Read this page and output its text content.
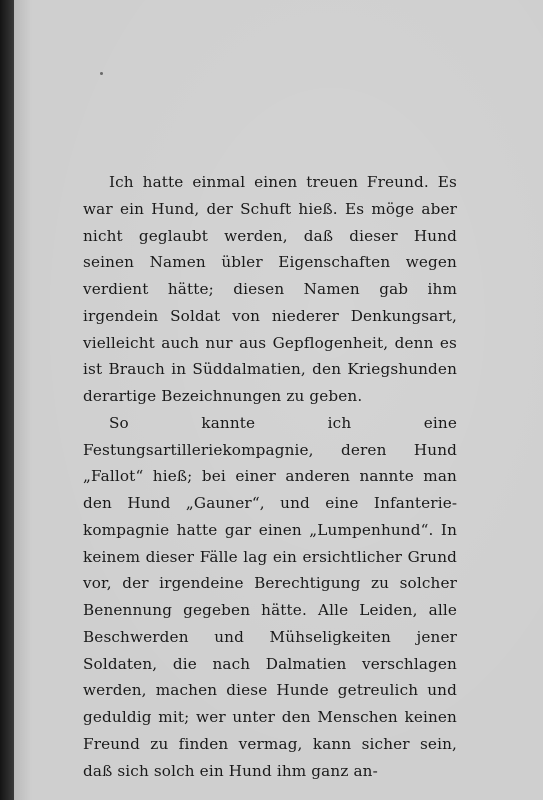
Ich hatte einmal einen treuen Freund. Es war ein Hund, der Schuft hieß. Es möge aber nicht geglaubt werden, daß dieser Hund seinen Namen übler Eigenschaften wegen verdient hätte; diesen Namen gab ihm irgendein Soldat von niederer Denkungsart, vielleicht auch nur aus Gepflogenheit, denn es ist Brauch in Süddalmatien, den Kriegshunden derartige Bezeichnungen zu geben.

So kannte ich eine Festungsartilleriekompagnie, deren Hund „Fallot“ hieß; bei einer anderen nannte man den Hund „Gauner“, und eine Infanteriekompagnie hatte gar einen „Lumpenhund“. In keinem dieser Fälle lag ein ersichtlicher Grund vor, der irgendeine Berechtigung zu solcher Benennung gegeben hätte. Alle Leiden, alle Beschwerden und Mühseligkeiten jener Soldaten, die nach Dalmatien verschlagen werden, machen diese Hunde getreulich und geduldig mit; wer unter den Menschen keinen Freund zu finden vermag, kann sicher sein, daß sich solch ein Hund ihm ganz an-
